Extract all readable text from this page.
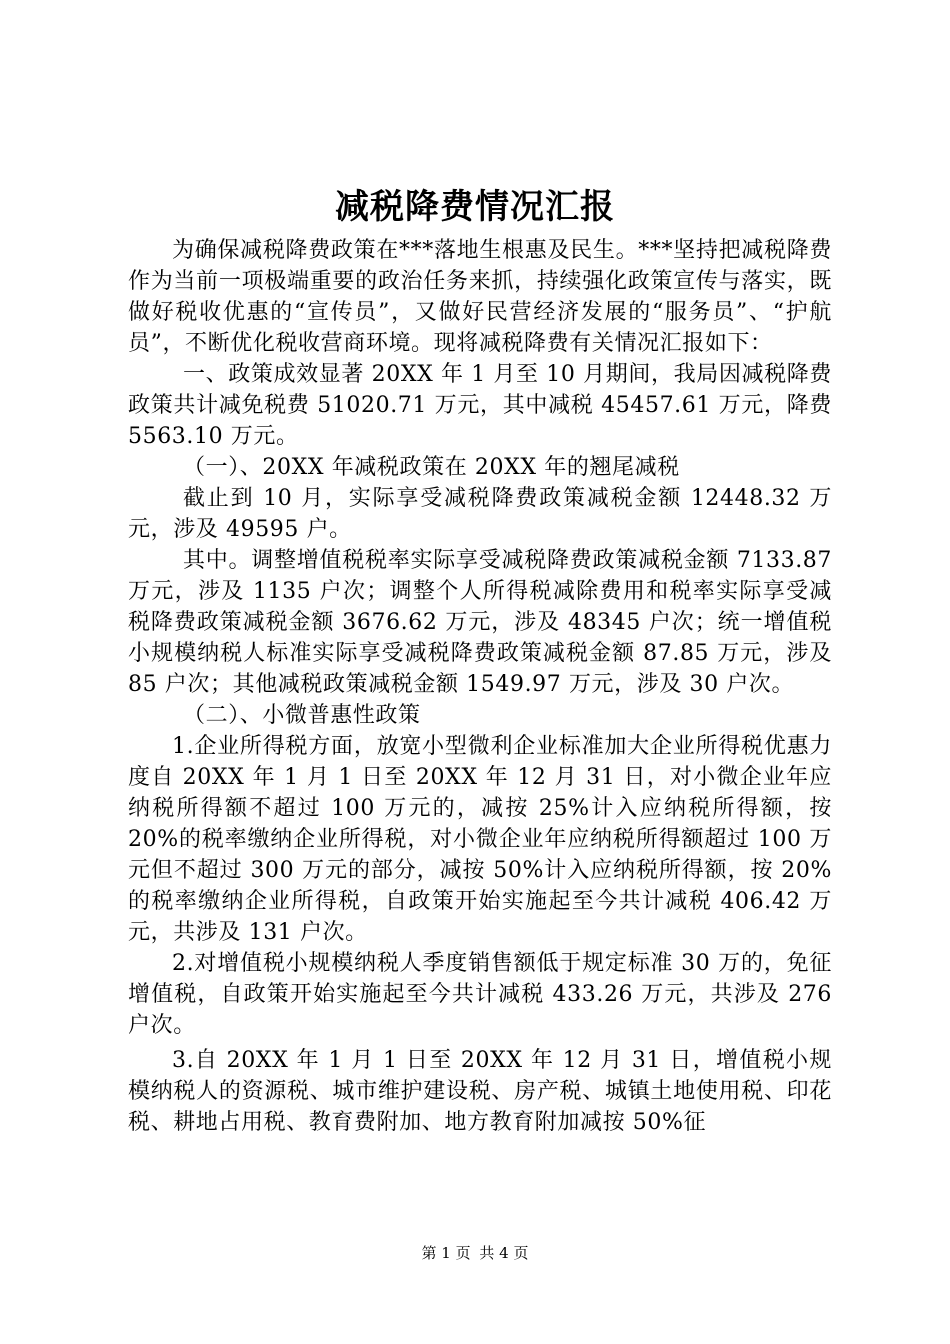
减税降费情况汇报

为确保减税降费政策在***落地生根惠及民生。***坚持把减税降费作为当前一项极端重要的政治任务来抓，持续强化政策宣传与落实，既做好税收优惠的“宣传员”，又做好民营经济发展的“服务员”、“护航员”，不断优化税收营商环境。现将减税降费有关情况汇报如下：

一、政策成效显著 20XX 年 1 月至 10 月期间，我局因减税降费政策共计减免税费 51020.71 万元，其中减税 45457.61 万元，降费 5563.10 万元。

（一）、20XX 年减税政策在 20XX 年的翘尾减税

截止到 10 月，实际享受减税降费政策减税金额 12448.32 万元，涉及 49595 户。

其中。调整增值税税率实际享受减税降费政策减税金额 7133.87 万元，涉及 1135 户次；调整个人所得税减除费用和税率实际享受减税降费政策减税金额 3676.62 万元，涉及 48345 户次；统一增值税小规模纳税人标准实际享受减税降费政策减税金额 87.85 万元，涉及 85 户次；其他减税政策减税金额 1549.97 万元，涉及 30 户次。

（二）、小微普惠性政策

1.企业所得税方面，放宽小型微利企业标准加大企业所得税优惠力度自 20XX 年 1 月 1 日至 20XX 年 12 月 31 日，对小微企业年应纳税所得额不超过 100 万元的，减按 25%计入应纳税所得额，按 20%的税率缴纳企业所得税，对小微企业年应纳税所得额超过 100 万元但不超过 300 万元的部分，减按 50%计入应纳税所得额，按 20%的税率缴纳企业所得税，自政策开始实施起至今共计减税 406.42 万元，共涉及 131 户次。

2.对增值税小规模纳税人季度销售额低于规定标准 30 万的，免征增值税，自政策开始实施起至今共计减税 433.26 万元，共涉及 276 户次。

3.自 20XX 年 1 月 1 日至 20XX 年 12 月 31 日，增值税小规模纳税人的资源税、城市维护建设税、房产税、城镇土地使用税、印花税、耕地占用税、教育费附加、地方教育附加减按 50%征

第 1 页 共 4 页
